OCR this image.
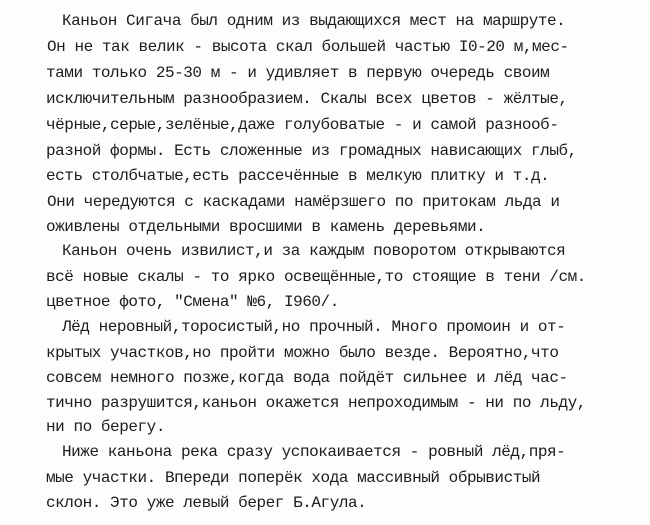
Каньон Сигача был одним из выдающихся мест на маршруте.
Он не так велик - высота скал большей частью I0-20 м,мес-
тами только 25-30 м - и удивляет в первую очередь своим
исключительным разнообразием. Скалы всех цветов - жёлтые,
чёрные,серые,зелёные,даже голубоватые - и самой разнооб-
разной формы. Есть сложенные из громадных нависающих глыб,
есть столбчатые,есть рассечённые в мелкую плитку и т.д.
Они чередуются с каскадами намёрзшего по притокам льда и
оживлены отдельными вросшими в камень деревьями.
Каньон очень извилист,и за каждым поворотом открываются
всё новые скалы - то ярко освещённые,то стоящие в тени /см.
цветное фото, "Смена" №6, I960/.
Лёд неровный,торосистый,но прочный. Много промоин и от-
крытых участков,но пройти можно было везде. Вероятно,что
совсем немного позже,когда вода пойдёт сильнее и лёд час-
тично разрушится,каньон окажется непроходимым - ни по льду,
ни по берегу.
Ниже каньона река сразу успокаивается - ровный лёд,пря-
мые участки. Впереди поперёк хода массивный обрывистый
склон. Это уже левый берег Б.Агула.
